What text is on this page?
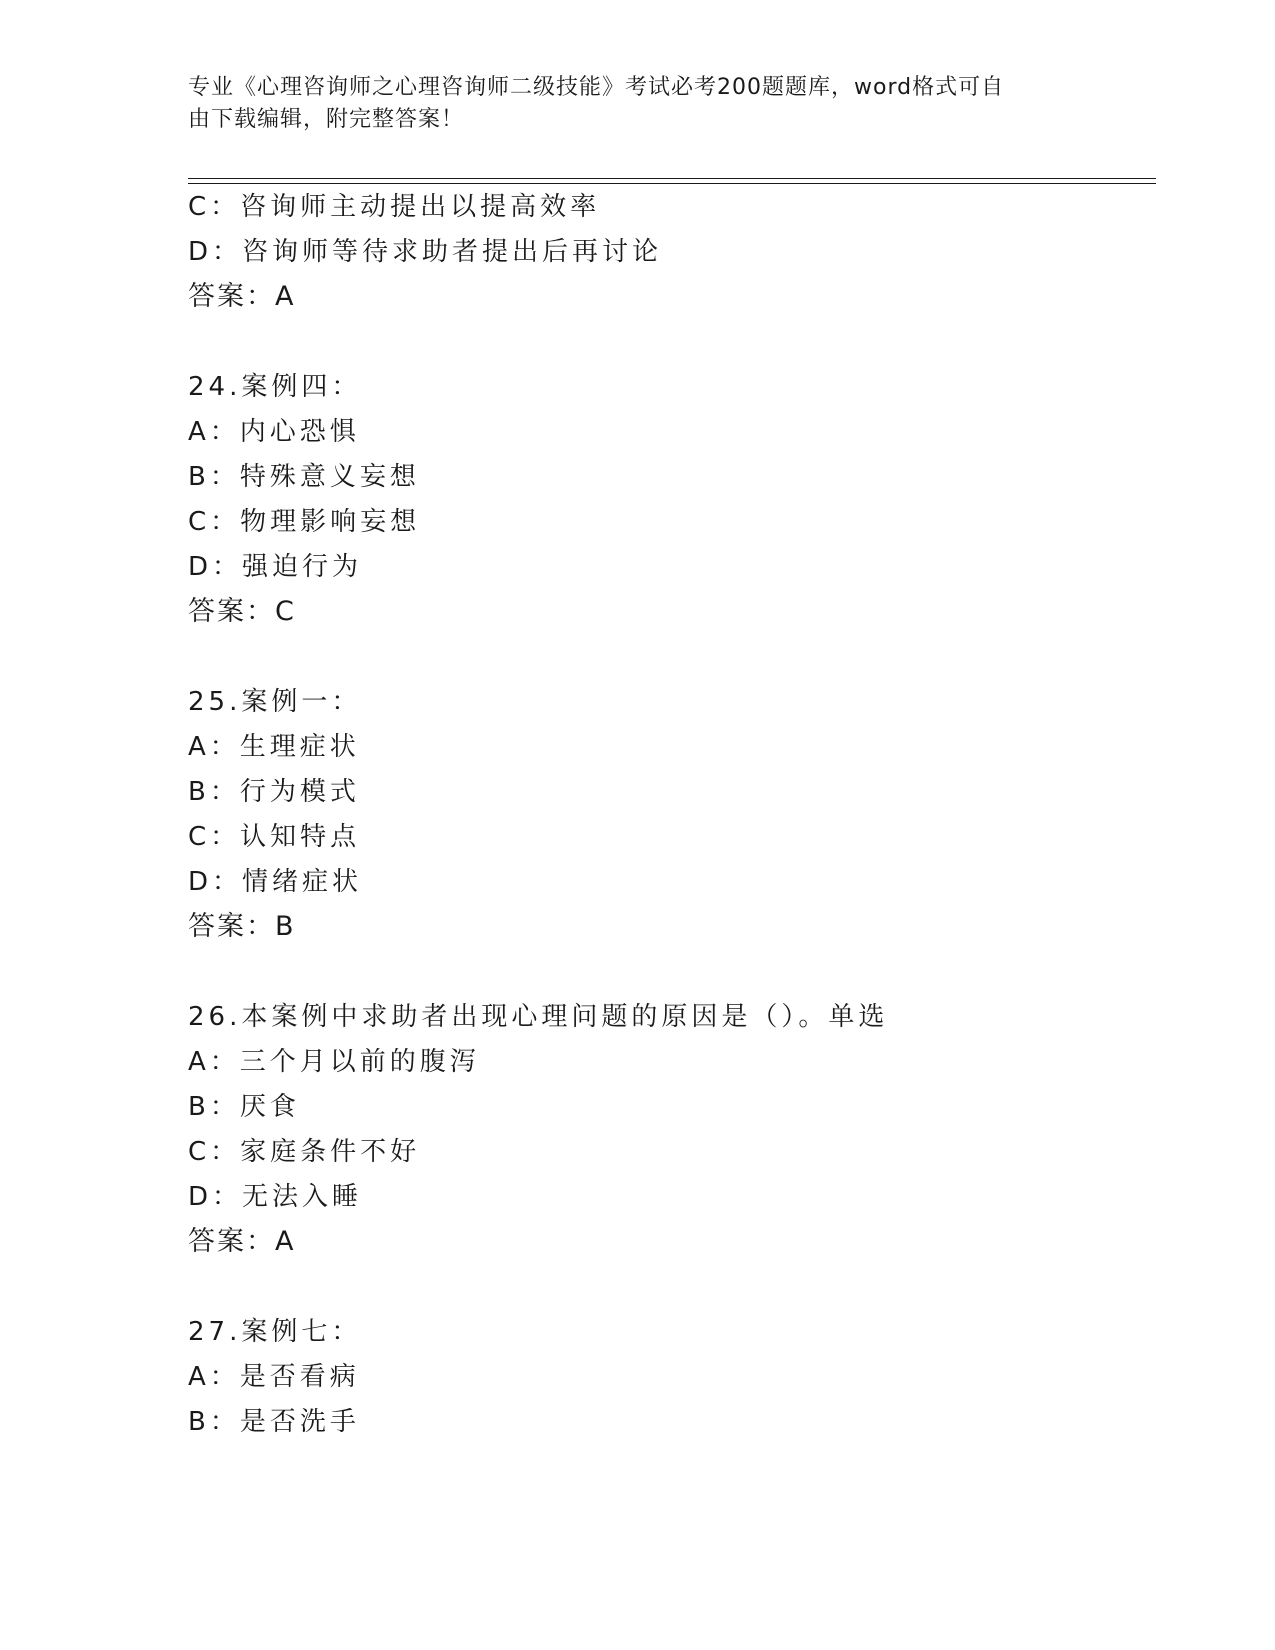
专业《心理咨询师之心理咨询师二级技能》考试必考200题题库，word格式可自
由下载编辑，附完整答案！
C：咨询师主动提出以提高效率
D：咨询师等待求助者提出后再讨论
答案：A
24.案例四：
A：内心恐惧
B：特殊意义妄想
C：物理影响妄想
D：强迫行为
答案：C
25.案例一：
A：生理症状
B：行为模式
C：认知特点
D：情绪症状
答案：B
26.本案例中求助者出现心理问题的原因是（）。单选
A：三个月以前的腹泻
B：厌食
C：家庭条件不好
D：无法入睡
答案：A
27.案例七：
A：是否看病
B：是否洗手
